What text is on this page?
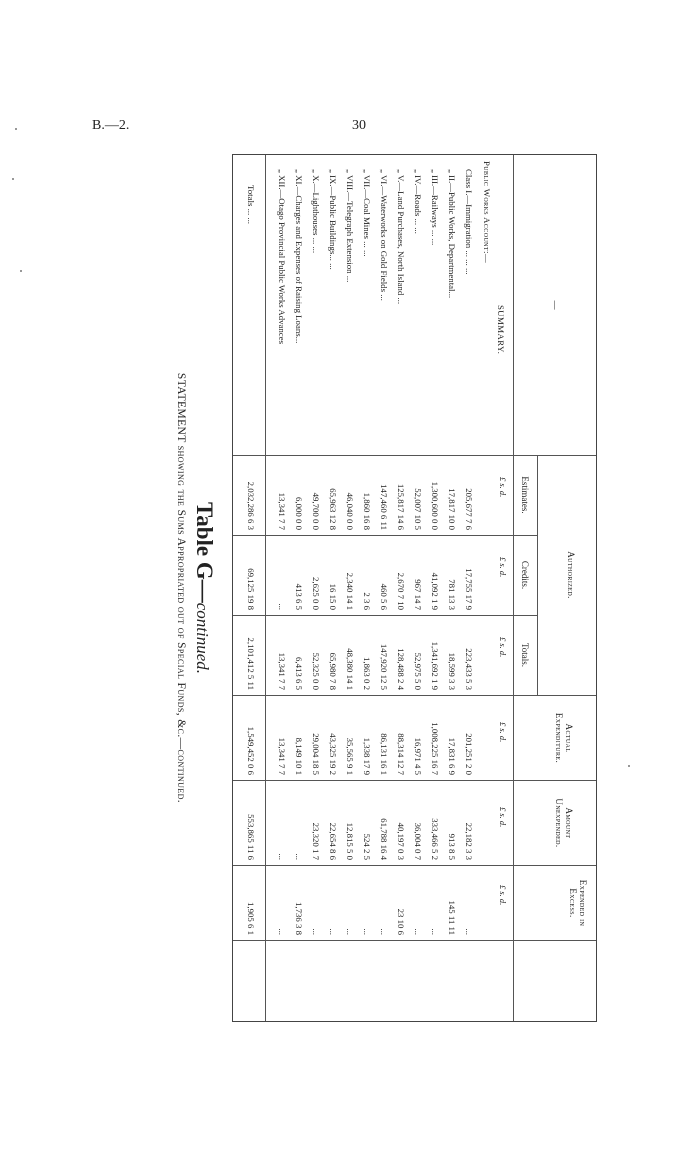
B.—2.	30
Table G—continued.
STATEMENT showing the Sums Appropriated out of Special Funds, &c.—continued.
—
Authorized.
Estimates.
Credits.
Totals.
Actual Expenditure.
Amount Unexpended.
Expended in Excess.
£ s. d.
£ s. d.
£ s. d.
£ s. d.
£ s. d.
£ s. d.
SUMMARY.
Public Works Account:—
Class I.—Immigration ... ... ...
205,677 7 6
17,755 17 9
223,433 5 3
201,251 2 0
22,182 3 3
...
„ II.—Public Works, Departmental...
17,817 10 0
781 13 3
18,599 3 3
17,831 6 9
913 8 5
145 11 11
„ III.—Railways ... ...
1,300,600 0 0
41,092 1 9
1,341,692 1 9
1,008,225 16 7
333,466 5 2
...
„ IV.—Roads ... ...
52,007 10 5
967 14 7
52,975 5 0
16,971 4 5
36,004 0 7
...
„ V.—Land Purchases, North Island ...
125,817 14 6
2,670 7 10
128,488 2 4
88,314 12 7
40,197 0 3
23 10 6
„ VI.—Waterworks on Gold Fields ...
147,460 6 11
460 5 6
147,920 12 5
86,131 16 1
61,788 16 4
...
„ VII.—Coal Mines ... ...
1,860 16 8
2 3 6
1,863 0 2
1,338 17 9
524 2 5
...
„ VIII.—Telegraph Extension ...
46,040 0 0
2,340 14 1
48,380 14 1
35,565 9 1
12,815 5 0
...
„ IX.—Public Buildings... ...
65,963 12 8
16 15 0
65,980 7 8
43,325 19 2
22,654 8 6
...
„ X.—Lighthouses ... ...
49,700 0 0
2,625 0 0
52,325 0 0
29,004 18 5
23,320 1 7
...
„ XI.—Charges and Expenses of Raising Loans...
6,000 0 0
413 6 5
6,413 6 5
8,149 10 1
...
1,736 3 8
„ XII.—Otago Provincial Public Works Advances
13,341 7 7
...
13,341 7 7
13,341 7 7
...
...
Totals ... ...
2,032,286 6 3
69,125 19 8
2,101,412 5 11
1,549,452 0 6
553,865 11 6
1,905 6 1
